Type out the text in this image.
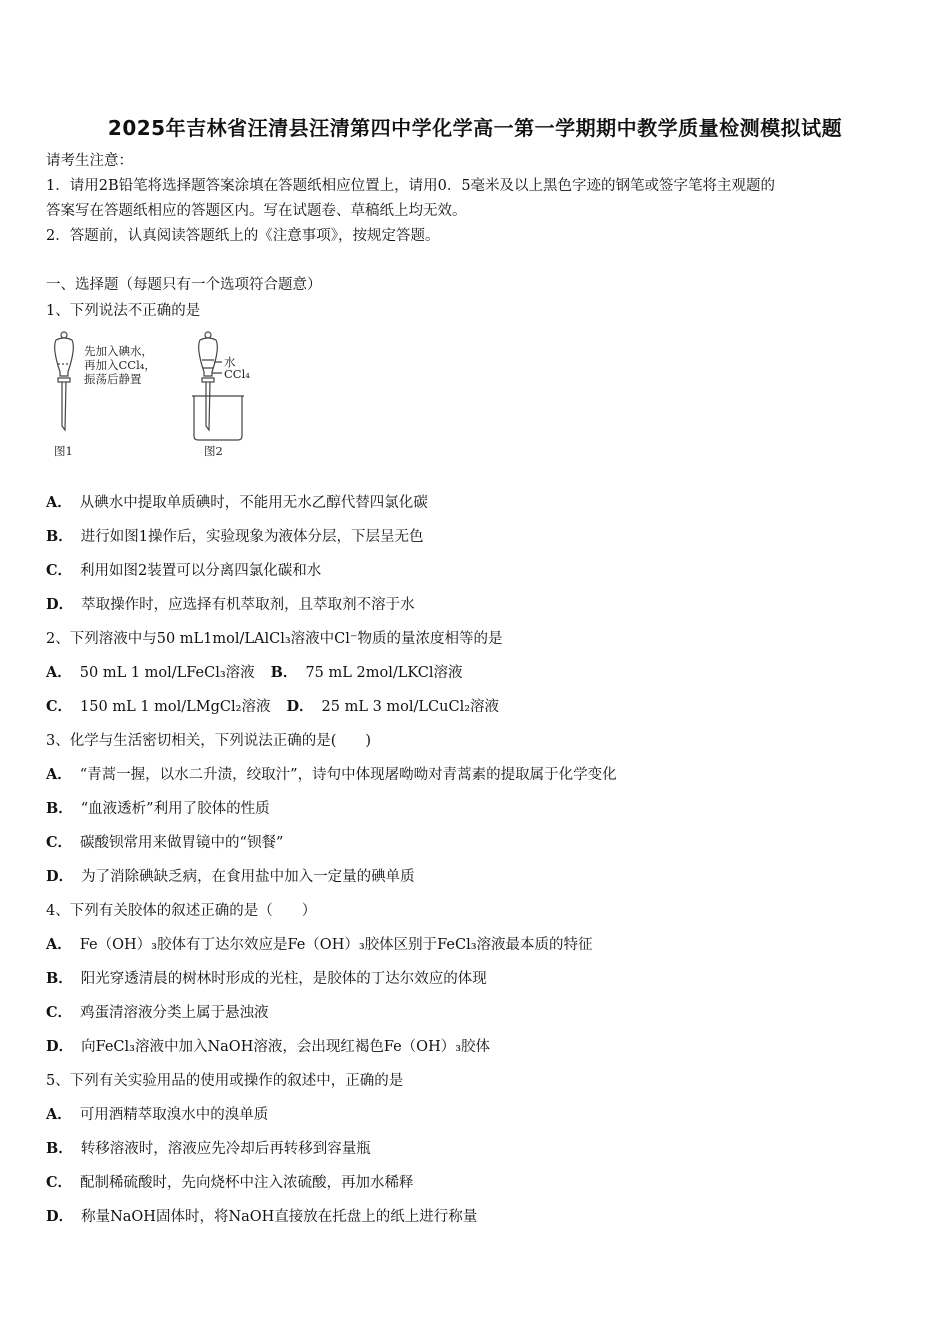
2025年吉林省汪清县汪清第四中学化学高一第一学期期中教学质量检测模拟试题
请考生注意：
1．请用2B铅笔将选择题答案涂填在答题纸相应位置上，请用0．5毫米及以上黑色字迹的钢笔或签字笔将主观题的
答案写在答题纸相应的答题区内。写在试题卷、草稿纸上均无效。
2．答题前，认真阅读答题纸上的《注意事项》，按规定答题。
一、选择题（每题只有一个选项符合题意）
1、下列说法不正确的是
先加入碘水，
再加入CCl₄，
振荡后静置
水
CCl₄
图1	图2
A． 从碘水中提取单质碘时，不能用无水乙醇代替四氯化碳
B． 进行如图1操作后，实验现象为液体分层，下层呈无色
C． 利用如图2装置可以分离四氯化碳和水
D． 萃取操作时，应选择有机萃取剂，且萃取剂不溶于水
2、下列溶液中与50 mL1mol/LAlCl₃溶液中Cl⁻物质的量浓度相等的是
A． 50 mL 1 mol/LFeCl₃溶液 B． 75 mL 2mol/LKCl溶液
C． 150 mL 1 mol/LMgCl₂溶液 D． 25 mL 3 mol/LCuCl₂溶液
3、化学与生活密切相关，下列说法正确的是(　　)
A． “青蒿一握，以水二升渍，绞取汁”，诗句中体现屠呦呦对青蒿素的提取属于化学变化
B． “血液透析”利用了胶体的性质
C． 碳酸钡常用来做胃镜中的“钡餐”
D． 为了消除碘缺乏病，在食用盐中加入一定量的碘单质
4、下列有关胶体的叙述正确的是（　　）
A． Fe（OH）₃胶体有丁达尔效应是Fe（OH）₃胶体区别于FeCl₃溶液最本质的特征
B． 阳光穿透清晨的树林时形成的光柱，是胶体的丁达尔效应的体现
C． 鸡蛋清溶液分类上属于悬浊液
D． 向FeCl₃溶液中加入NaOH溶液，会出现红褐色Fe（OH）₃胶体
5、下列有关实验用品的使用或操作的叙述中，正确的是
A． 可用酒精萃取溴水中的溴单质
B． 转移溶液时，溶液应先冷却后再转移到容量瓶
C． 配制稀硫酸时，先向烧杯中注入浓硫酸，再加水稀释
D． 称量NaOH固体时，将NaOH直接放在托盘上的纸上进行称量
